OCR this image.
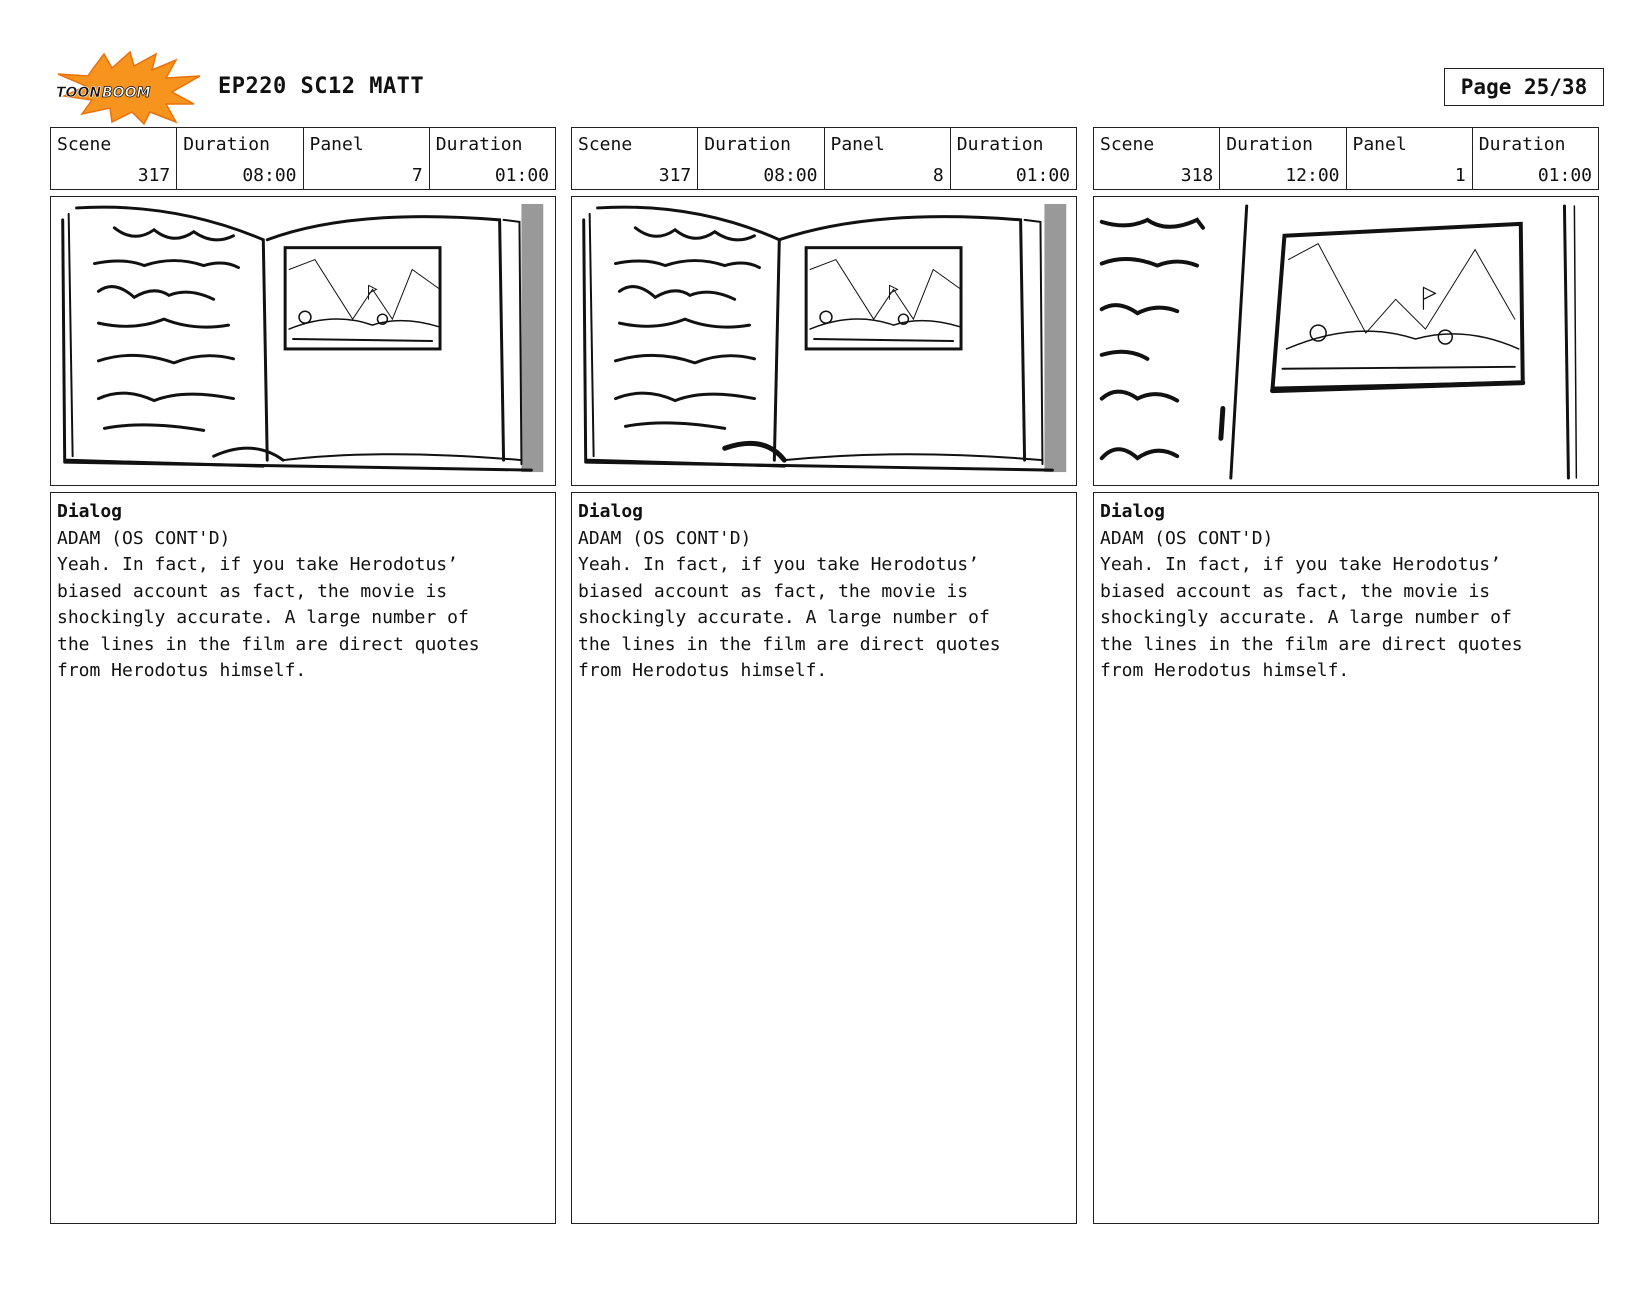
TOON BOOM	EP220 SC12 MATT	Page 25/38
Scene
317
Duration
08:00
Panel
7
Duration
01:00
Dialog
ADAM (OS CONT'D)
Yeah. In fact, if you take Herodotus’
biased account as fact, the movie is
shockingly accurate. A large number of
the lines in the film are direct quotes
from Herodotus himself.
Scene
317
Duration
08:00
Panel
8
Duration
01:00
Dialog
ADAM (OS CONT'D)
Yeah. In fact, if you take Herodotus’
biased account as fact, the movie is
shockingly accurate. A large number of
the lines in the film are direct quotes
from Herodotus himself.
Scene
318
Duration
12:00
Panel
1
Duration
01:00
Dialog
ADAM (OS CONT'D)
Yeah. In fact, if you take Herodotus’
biased account as fact, the movie is
shockingly accurate. A large number of
the lines in the film are direct quotes
from Herodotus himself.
